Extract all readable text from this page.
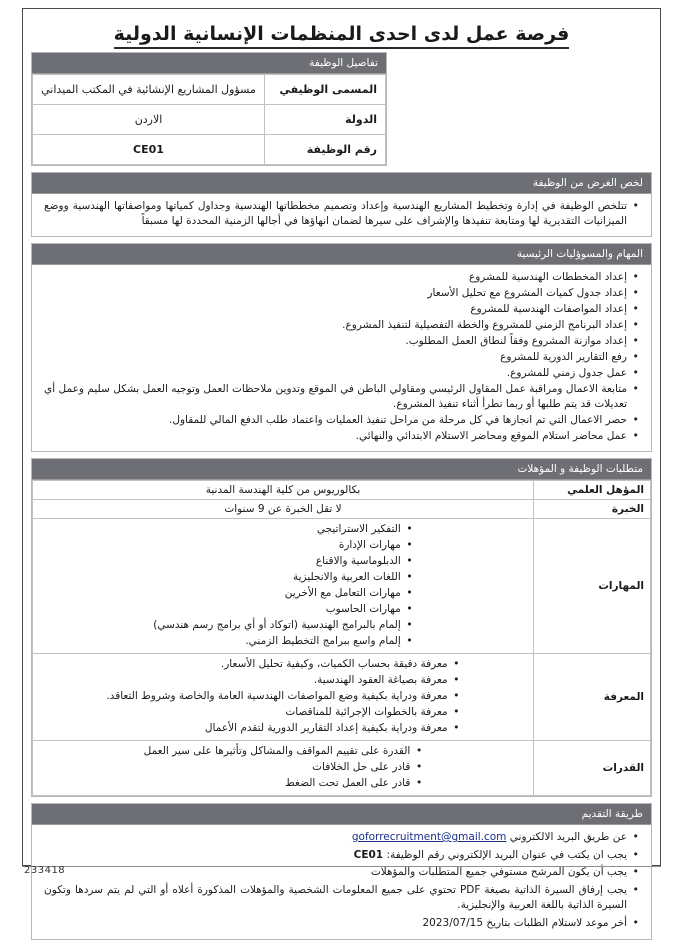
فرصة عمل لدى احدى المنظمات الإنسانية الدولية
تفاصيل الوظيفة
المسمى الوظيفي	مسؤول المشاريع الإنشائية في المكتب الميداني
الدولة	الاردن
رقم الوظيفة	CE01
لخص الغرض من الوظيفة
• تتلخص الوظيفة في إدارة وتخطيط المشاريع الهندسية وإعداد وتصميم مخططاتها الهندسية وجداول كمياتها ومواصفاتها الهندسية ووضع الميزانيات التقديرية لها ومتابعة تنفيذها والإشراف على سيرها لضمان انهاؤها في أجالها الزمنية المحددة لها مسبقاً
المهام والمسوؤليات الرئيسية
• إعداد المخططات الهندسية للمشروع
• إعداد جدول كميات المشروع مع تحليل الأسعار
• إعداد المواصفات الهندسية للمشروع
• إعداد البرنامج الزمني للمشروع والخطة التفصيلية لتنفيذ المشروع.
• إعداد موازنة المشروع وفقاً لنطاق العمل المطلوب.
• رفع التقارير الدورية للمشروع
• عمل جدول زمني للمشروع.
• متابعة الاعمال ومراقبة عمل المقاول الرئيسي ومقاولي الباطن في الموقع وتدوين ملاحظات العمل وتوجيه العمل بشكل سليم وعمل أي تعديلات قد يتم طلبها أو ربما تطرأ أثناء تنفيذ المشروع.
• حصر الاعمال التي تم انجازها في كل مرحلة من مراحل تنفيذ العمليات واعتماد طلب الدفع المالي للمقاول.
• عمل محاضر استلام الموقع ومحاضر الاستلام الابتدائي والنهائي.
متطلبات الوظيفة و المؤهلات
المؤهل العلمي	بكالوريوس من كلية الهندسة المدنية
الخبرة	لا تقل الخبرة عن 9 سنوات
المهارات	
• التفكير الاستراتيجي
• مهارات الإدارة
• الدبلوماسية والاقناع
• اللغات العربية والانجليزية
• مهارات التعامل مع الأخرين
• مهارات الحاسوب
• إلمام بالبرامج الهندسية (اتوكاد أو أي برامج رسم هندسي)
• إلمام واسع ببرامج التخطيط الزمني.

المعرفة	
• معرفة دقيقة بحساب الكميات، وكيفية تحليل الأسعار.
• معرفة بصياغة العقود الهندسية.
• معرفة ودراية بكيفية وضع المواصفات الهندسية العامة والخاصة وشروط التعاقد.
• معرفة بالخطوات الإجرائية للمناقصات
• معرفة ودراية بكيفية إعداد التقارير الدورية لتقدم الأعمال

القدرات	
• القدرة على تقييم المواقف والمشاكل وتأثيرها على سير العمل
• قادر على حل الخلافات
• قادر على العمل تحت الضغط
طريقة التقديم
• عن طريق البريد الالكتروني goforrecruitment@gmail.com
• يجب ان يكتب في عنوان البريد الإلكتروني رقم الوظيفة: CE01
• يجب أن يكون المرشح مستوفي جميع المتطلبات والمؤهلات
• يجب إرفاق السيرة الذاتية بصيغة PDF تحتوي على جميع المعلومات الشخصية والمؤهلات المذكورة أعلاه أو التي لم يتم سردها وتكون السيرة الذاتية باللغة العربية والإنجليزية.
• أخر موعد لاستلام الطلبات بتاريخ 2023/07/15
233418
